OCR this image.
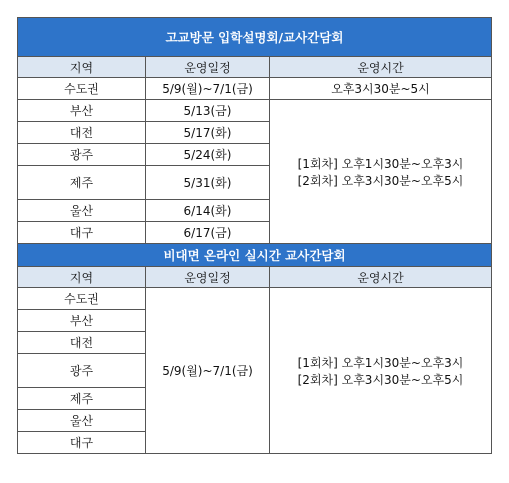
고교방문 입학설명회/교사간담회		
지역	운영일정	운영시간
수도권	5/9(월)~7/1(금)	오후3시30분~5시
부산	5/13(금)	[1회차] 오후1시30분~오후3시
[2회차] 오후3시30분~오후5시

대전	5/17(화)	
광주	5/24(화)	
제주	5/31(화)	
울산	6/14(화)	
대구	6/17(금)	
비대면 온라인 실시간 교사간담회		
지역	운영일정	운영시간
수도권	5/9(월)~7/1(금)	[1회차] 오후1시30분~오후3시
[2회차] 오후3시30분~오후5시

부산		
대전		
광주		
제주		
울산		
대구		
